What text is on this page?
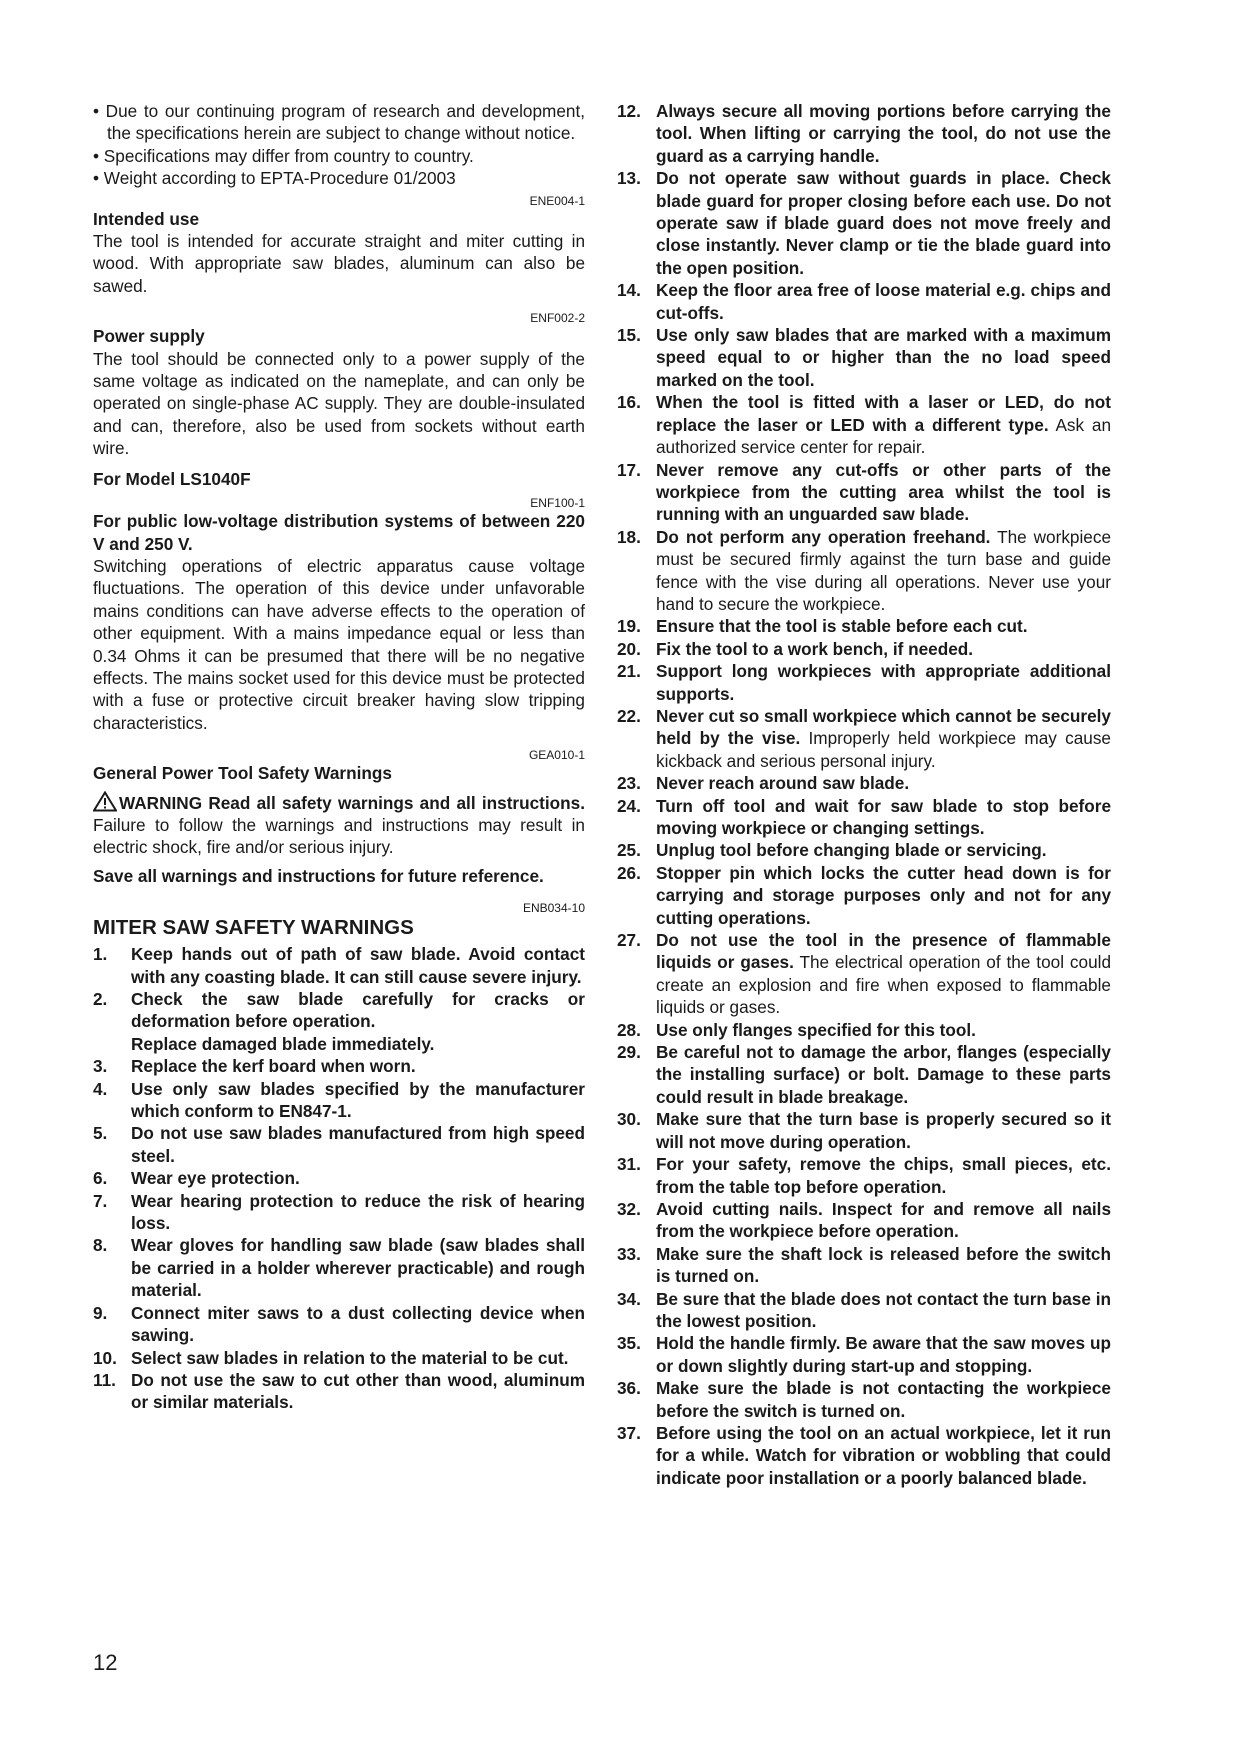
• Due to our continuing program of research and development, the specifications herein are subject to change without notice.

• Specifications may differ from country to country.

• Weight according to EPTA-Procedure 01/2003

ENE004-1
Intended use

The tool is intended for accurate straight and miter cutting in wood. With appropriate saw blades, aluminum can also be sawed.

ENF002-2
Power supply

The tool should be connected only to a power supply of the same voltage as indicated on the nameplate, and can only be operated on single-phase AC supply. They are double-insulated and can, therefore, also be used from sockets without earth wire.

For Model LS1040F
ENF100-1
For public low-voltage distribution systems of between 220 V and 250 V.

Switching operations of electric apparatus cause voltage fluctuations. The operation of this device under unfavorable mains conditions can have adverse effects to the operation of other equipment. With a mains impedance equal or less than 0.34 Ohms it can be presumed that there will be no negative effects. The mains socket used for this device must be protected with a fuse or protective circuit breaker having slow tripping characteristics.

GEA010-1
General Power Tool Safety Warnings

WARNING Read all safety warnings and all instructions. Failure to follow the warnings and instructions may result in electric shock, fire and/or serious injury.

Save all warnings and instructions for future reference.

ENB034-10
MITER SAW SAFETY WARNINGS
1.	Keep hands out of path of saw blade. Avoid contact with any coasting blade. It can still cause severe injury.
2.	Check the saw blade carefully for cracks or deformation before operation.
Replace damaged blade immediately.
3.	Replace the kerf board when worn.
4.	Use only saw blades specified by the manufacturer which conform to EN847-1.
5.	Do not use saw blades manufactured from high speed steel.
6.	Wear eye protection.
7.	Wear hearing protection to reduce the risk of hearing loss.
8.	Wear gloves for handling saw blade (saw blades shall be carried in a holder wherever practicable) and rough material.
9.	Connect miter saws to a dust collecting device when sawing.
10. Select saw blades in relation to the material to be cut.
11. Do not use the saw to cut other than wood, aluminum or similar materials.
12. Always secure all moving portions before carrying the tool. When lifting or carrying the tool, do not use the guard as a carrying handle.
13. Do not operate saw without guards in place. Check blade guard for proper closing before each use. Do not operate saw if blade guard does not move freely and close instantly. Never clamp or tie the blade guard into the open position.
14. Keep the floor area free of loose material e.g. chips and cut-offs.
15. Use only saw blades that are marked with a maximum speed equal to or higher than the no load speed marked on the tool.
16. When the tool is fitted with a laser or LED, do not replace the laser or LED with a different type. Ask an authorized service center for repair.
17. Never remove any cut-offs or other parts of the workpiece from the cutting area whilst the tool is running with an unguarded saw blade.
18. Do not perform any operation freehand. The workpiece must be secured firmly against the turn base and guide fence with the vise during all operations. Never use your hand to secure the workpiece.
19. Ensure that the tool is stable before each cut.
20. Fix the tool to a work bench, if needed.
21. Support long workpieces with appropriate additional supports.
22. Never cut so small workpiece which cannot be securely held by the vise. Improperly held workpiece may cause kickback and serious personal injury.
23. Never reach around saw blade.
24. Turn off tool and wait for saw blade to stop before moving workpiece or changing settings.
25. Unplug tool before changing blade or servicing.
26. Stopper pin which locks the cutter head down is for carrying and storage purposes only and not for any cutting operations.
27. Do not use the tool in the presence of flammable liquids or gases. The electrical operation of the tool could create an explosion and fire when exposed to flammable liquids or gases.
28. Use only flanges specified for this tool.
29. Be careful not to damage the arbor, flanges (especially the installing surface) or bolt. Damage to these parts could result in blade breakage.
30. Make sure that the turn base is properly secured so it will not move during operation.
31. For your safety, remove the chips, small pieces, etc. from the table top before operation.
32. Avoid cutting nails. Inspect for and remove all nails from the workpiece before operation.
33. Make sure the shaft lock is released before the switch is turned on.
34. Be sure that the blade does not contact the turn base in the lowest position.
35. Hold the handle firmly. Be aware that the saw moves up or down slightly during start-up and stopping.
36. Make sure the blade is not contacting the workpiece before the switch is turned on.
37. Before using the tool on an actual workpiece, let it run for a while. Watch for vibration or wobbling that could indicate poor installation or a poorly balanced blade.
12
